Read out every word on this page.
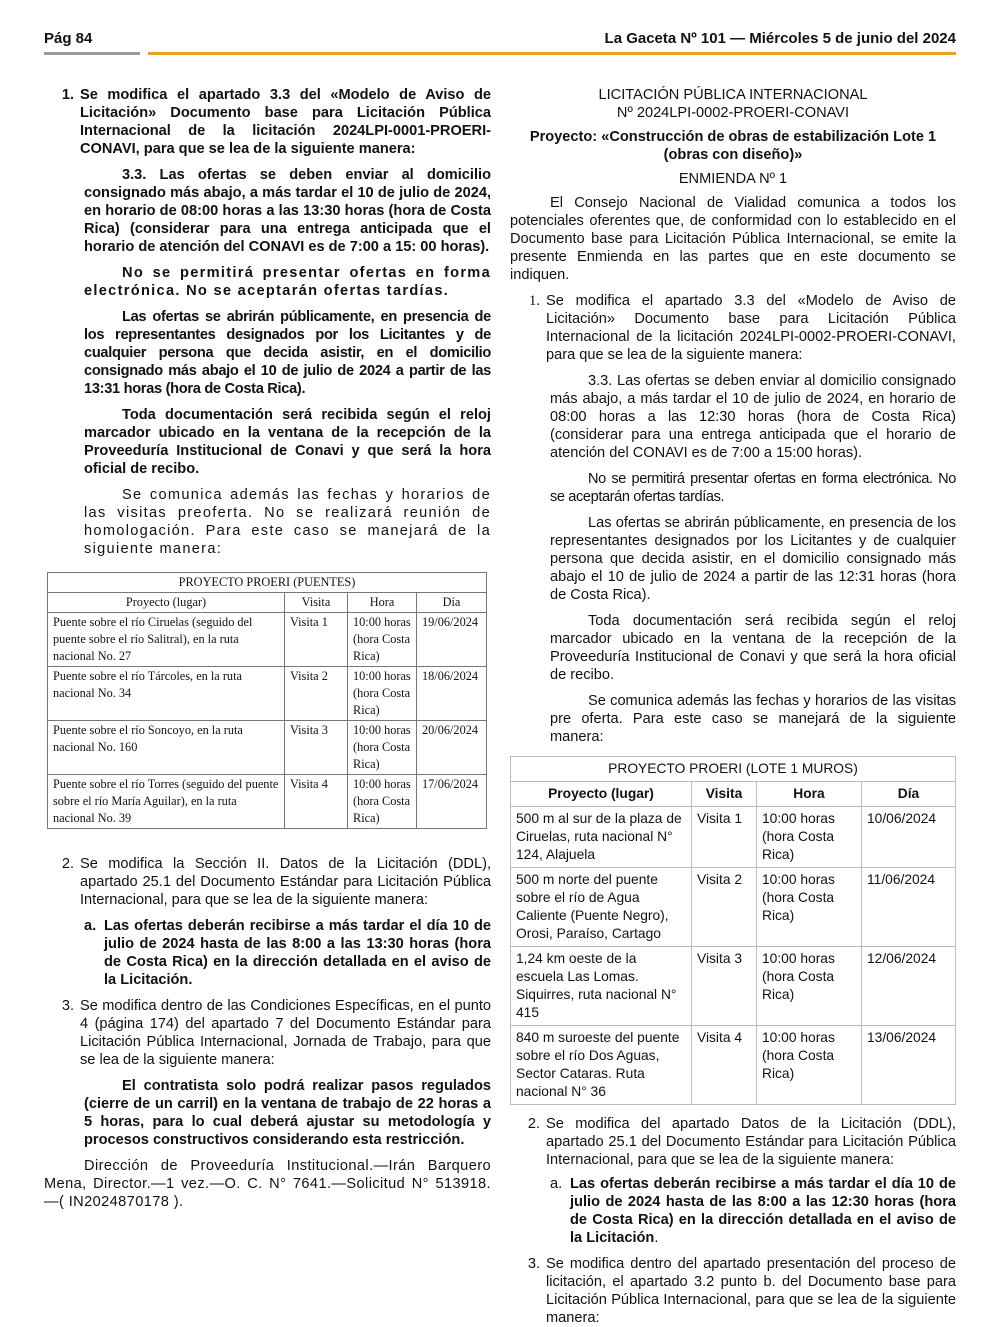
Pág 84	La Gaceta Nº 101 — Miércoles 5 de junio del 2024
1. Se modifica el apartado 3.3 del «Modelo de Aviso de Licitación» Documento base para Licitación Pública Internacional de la licitación 2024LPI-0001-PROERI-CONAVI, para que se lea de la siguiente manera:

3.3. Las ofertas se deben enviar al domicilio consignado más abajo, a más tardar el 10 de julio de 2024, en horario de 08:00 horas a las 13:30 horas (hora de Costa Rica) (considerar para una entrega anticipada que el horario de atención del CONAVI es de 7:00 a 15: 00 horas).

No se permitirá presentar ofertas en forma electrónica. No se aceptarán ofertas tardías.

Las ofertas se abrirán públicamente, en presencia de los representantes designados por los Licitantes y de cualquier persona que decida asistir, en el domicilio consignado más abajo el 10 de julio de 2024 a partir de las 13:31 horas (hora de Costa Rica).

Toda documentación será recibida según el reloj marcador ubicado en la ventana de la recepción de la Proveeduría Institucional de Conavi y que será la hora oficial de recibo.

Se comunica además las fechas y horarios de las visitas preoferta. No se realizará reunión de homologación. Para este caso se manejará de la siguiente manera:

PROYECTO PROERI (PUENTES)			
Proyecto (lugar)	Visita	Hora	Día
Puente sobre el río Ciruelas (seguido del puente sobre el río Salitral), en la ruta nacional No. 27	Visita 1	10:00 horas (hora Costa Rica)	19/06/2024
Puente sobre el río Tárcoles, en la ruta nacional No. 34	Visita 2	10:00 horas (hora Costa Rica)	18/06/2024
Puente sobre el río Soncoyo, en la ruta nacional No. 160	Visita 3	10:00 horas (hora Costa Rica)	20/06/2024
Puente sobre el río Torres (seguido del puente sobre el río María Aguilar), en la ruta nacional No. 39	Visita 4	10:00 horas (hora Costa Rica)	17/06/2024
2. Se modifica la Sección II. Datos de la Licitación (DDL), apartado 25.1 del Documento Estándar para Licitación Pública Internacional, para que se lea de la siguiente manera:
a. Las ofertas deberán recibirse a más tardar el día 10 de julio de 2024 hasta de las 8:00 a las 13:30 horas (hora de Costa Rica) en la dirección detallada en el aviso de la Licitación.
3. Se modifica dentro de las Condiciones Específicas, en el punto 4 (página 174) del apartado 7 del Documento Estándar para Licitación Pública Internacional, Jornada de Trabajo, para que se lea de la siguiente manera:

El contratista solo podrá realizar pasos regulados (cierre de un carril) en la ventana de trabajo de 22 horas a 5 horas, para lo cual deberá ajustar su metodología y procesos constructivos considerando esta restricción.

Dirección de Proveeduría Institucional.—Irán Barquero Mena, Director.—1 vez.—O. C. N° 7641.—Solicitud N° 513918.—( IN2024870178 ).

LICITACIÓN PÚBLICA INTERNACIONAL

Nº 2024LPI-0002-PROERI-CONAVI

Proyecto: «Construcción de obras de estabilización Lote 1 (obras con diseño)»

ENMIENDA Nº 1

El Consejo Nacional de Vialidad comunica a todos los potenciales oferentes que, de conformidad con lo establecido en el Documento base para Licitación Pública Internacional, se emite la presente Enmienda en las partes que en este documento se indiquen.

1. Se modifica el apartado 3.3 del «Modelo de Aviso de Licitación» Documento base para Licitación Pública Internacional de la licitación 2024LPI-0002-PROERI-CONAVI, para que se lea de la siguiente manera:

3.3. Las ofertas se deben enviar al domicilio consignado más abajo, a más tardar el 10 de julio de 2024, en horario de 08:00 horas a las 12:30 horas (hora de Costa Rica) (considerar para una entrega anticipada que el horario de atención del CONAVI es de 7:00 a 15:00 horas).

No se permitirá presentar ofertas en forma electrónica. No se aceptarán ofertas tardías.

Las ofertas se abrirán públicamente, en presencia de los representantes designados por los Licitantes y de cualquier persona que decida asistir, en el domicilio consignado más abajo el 10 de julio de 2024 a partir de las 12:31 horas (hora de Costa Rica).

Toda documentación será recibida según el reloj marcador ubicado en la ventana de la recepción de la Proveeduría Institucional de Conavi y que será la hora oficial de recibo.

Se comunica además las fechas y horarios de las visitas pre oferta. Para este caso se manejará de la siguiente manera:

PROYECTO PROERI (LOTE 1 MUROS)			
Proyecto (lugar)	Visita	Hora	Día
500 m al sur de la plaza de Ciruelas, ruta nacional N° 124, Alajuela	Visita 1	10:00 horas (hora Costa Rica)	10/06/2024
500 m norte del puente sobre el río de Agua Caliente (Puente Negro), Orosi, Paraíso, Cartago	Visita 2	10:00 horas (hora Costa Rica)	11/06/2024
1,24 km oeste de la escuela Las Lomas. Siquirres, ruta nacional N° 415	Visita 3	10:00 horas (hora Costa Rica)	12/06/2024
840 m suroeste del puente sobre el río Dos Aguas, Sector Cataras. Ruta nacional N° 36	Visita 4	10:00 horas (hora Costa Rica)	13/06/2024
2. Se modifica del apartado Datos de la Licitación (DDL), apartado 25.1 del Documento Estándar para Licitación Pública Internacional, para que se lea de la siguiente manera:
a. Las ofertas deberán recibirse a más tardar el día 10 de julio de 2024 hasta de las 8:00 a las 12:30 horas (hora de Costa Rica) en la dirección detallada en el aviso de la Licitación.
3. Se modifica dentro del apartado presentación del proceso de licitación, el apartado 3.2 punto b. del Documento base para Licitación Pública Internacional, para que se lea de la siguiente manera:
